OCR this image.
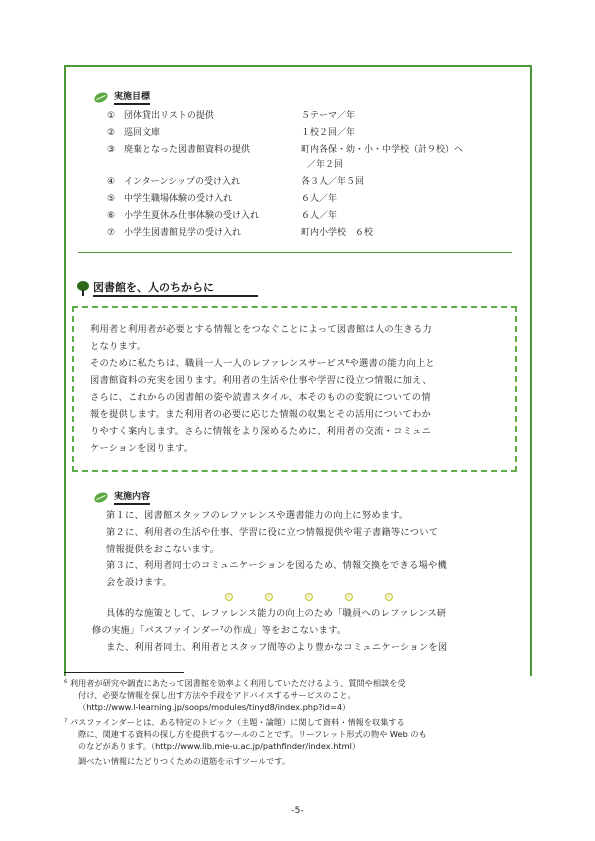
実施目標
① 団体貸出リストの提供	５テーマ／年
② 巡回文庫	１校２回／年
③ 廃棄となった図書館資料の提供	町内各保・幼・小・中学校（計９校）へ
／年２回
④ インターンシップの受け入れ	各３人／年５回
⑤ 中学生職場体験の受け入れ	６人／年
⑥ 小学生夏休み仕事体験の受け入れ	６人／年
⑦ 小学生図書館見学の受け入れ	町内小学校　６校
図書館を、人のちからに
利用者と利用者が必要とする情報とをつなぐことによって図書館は人の生きる力
となります。
そのために私たちは、職員一人一人のレファレンスサービス⁶や選書の能力向上と
図書館資料の充実を図ります。利用者の生活や仕事や学習に役立つ情報に加え、
さらに、これからの図書館の姿や読書スタイル、本そのものの変貌についての情
報を提供します。また利用者の必要に応じた情報の収集とその活用についてわか
りやすく案内します。さらに情報をより深めるために、利用者の交流・コミュニ
ケーションを図ります。
実施内容
第１に、図書館スタッフのレファレンスや選書能力の向上に努めます。
第２に、利用者の生活や仕事、学習に役に立つ情報提供や電子書籍等について
情報提供をおこないます。
第３に、利用者同士のコミュニケーションを図るため、情報交換をできる場や機
会を設けます。
具体的な施策として、レファレンス能力の向上のため「職員へのレファレンス研
修の実施」「パスファインダー⁷の作成」等をおこないます。
また、利用者同士、利用者とスタッフ間等のより豊かなコミュニケーションを図
⁶ 利用者が研究や調査にあたって図書館を効率よく利用していただけるよう、質問や相談を受
付け、必要な情報を探し出す方法や手段をアドバイスするサービスのこと。
（http://www.l-learning.jp/soops/modules/tinyd8/index.php?id=4）
⁷ パスファインダーとは、ある特定のトピック（主題・論題）に関して資料・情報を収集する
際に、関連する資料の探し方を提供するツールのことです。リーフレット形式の物や Web のも
のなどがあります。（http://www.lib.mie-u.ac.jp/pathfinder/index.html）
調べたい情報にたどりつくための道筋を示すツールです。
-5-
